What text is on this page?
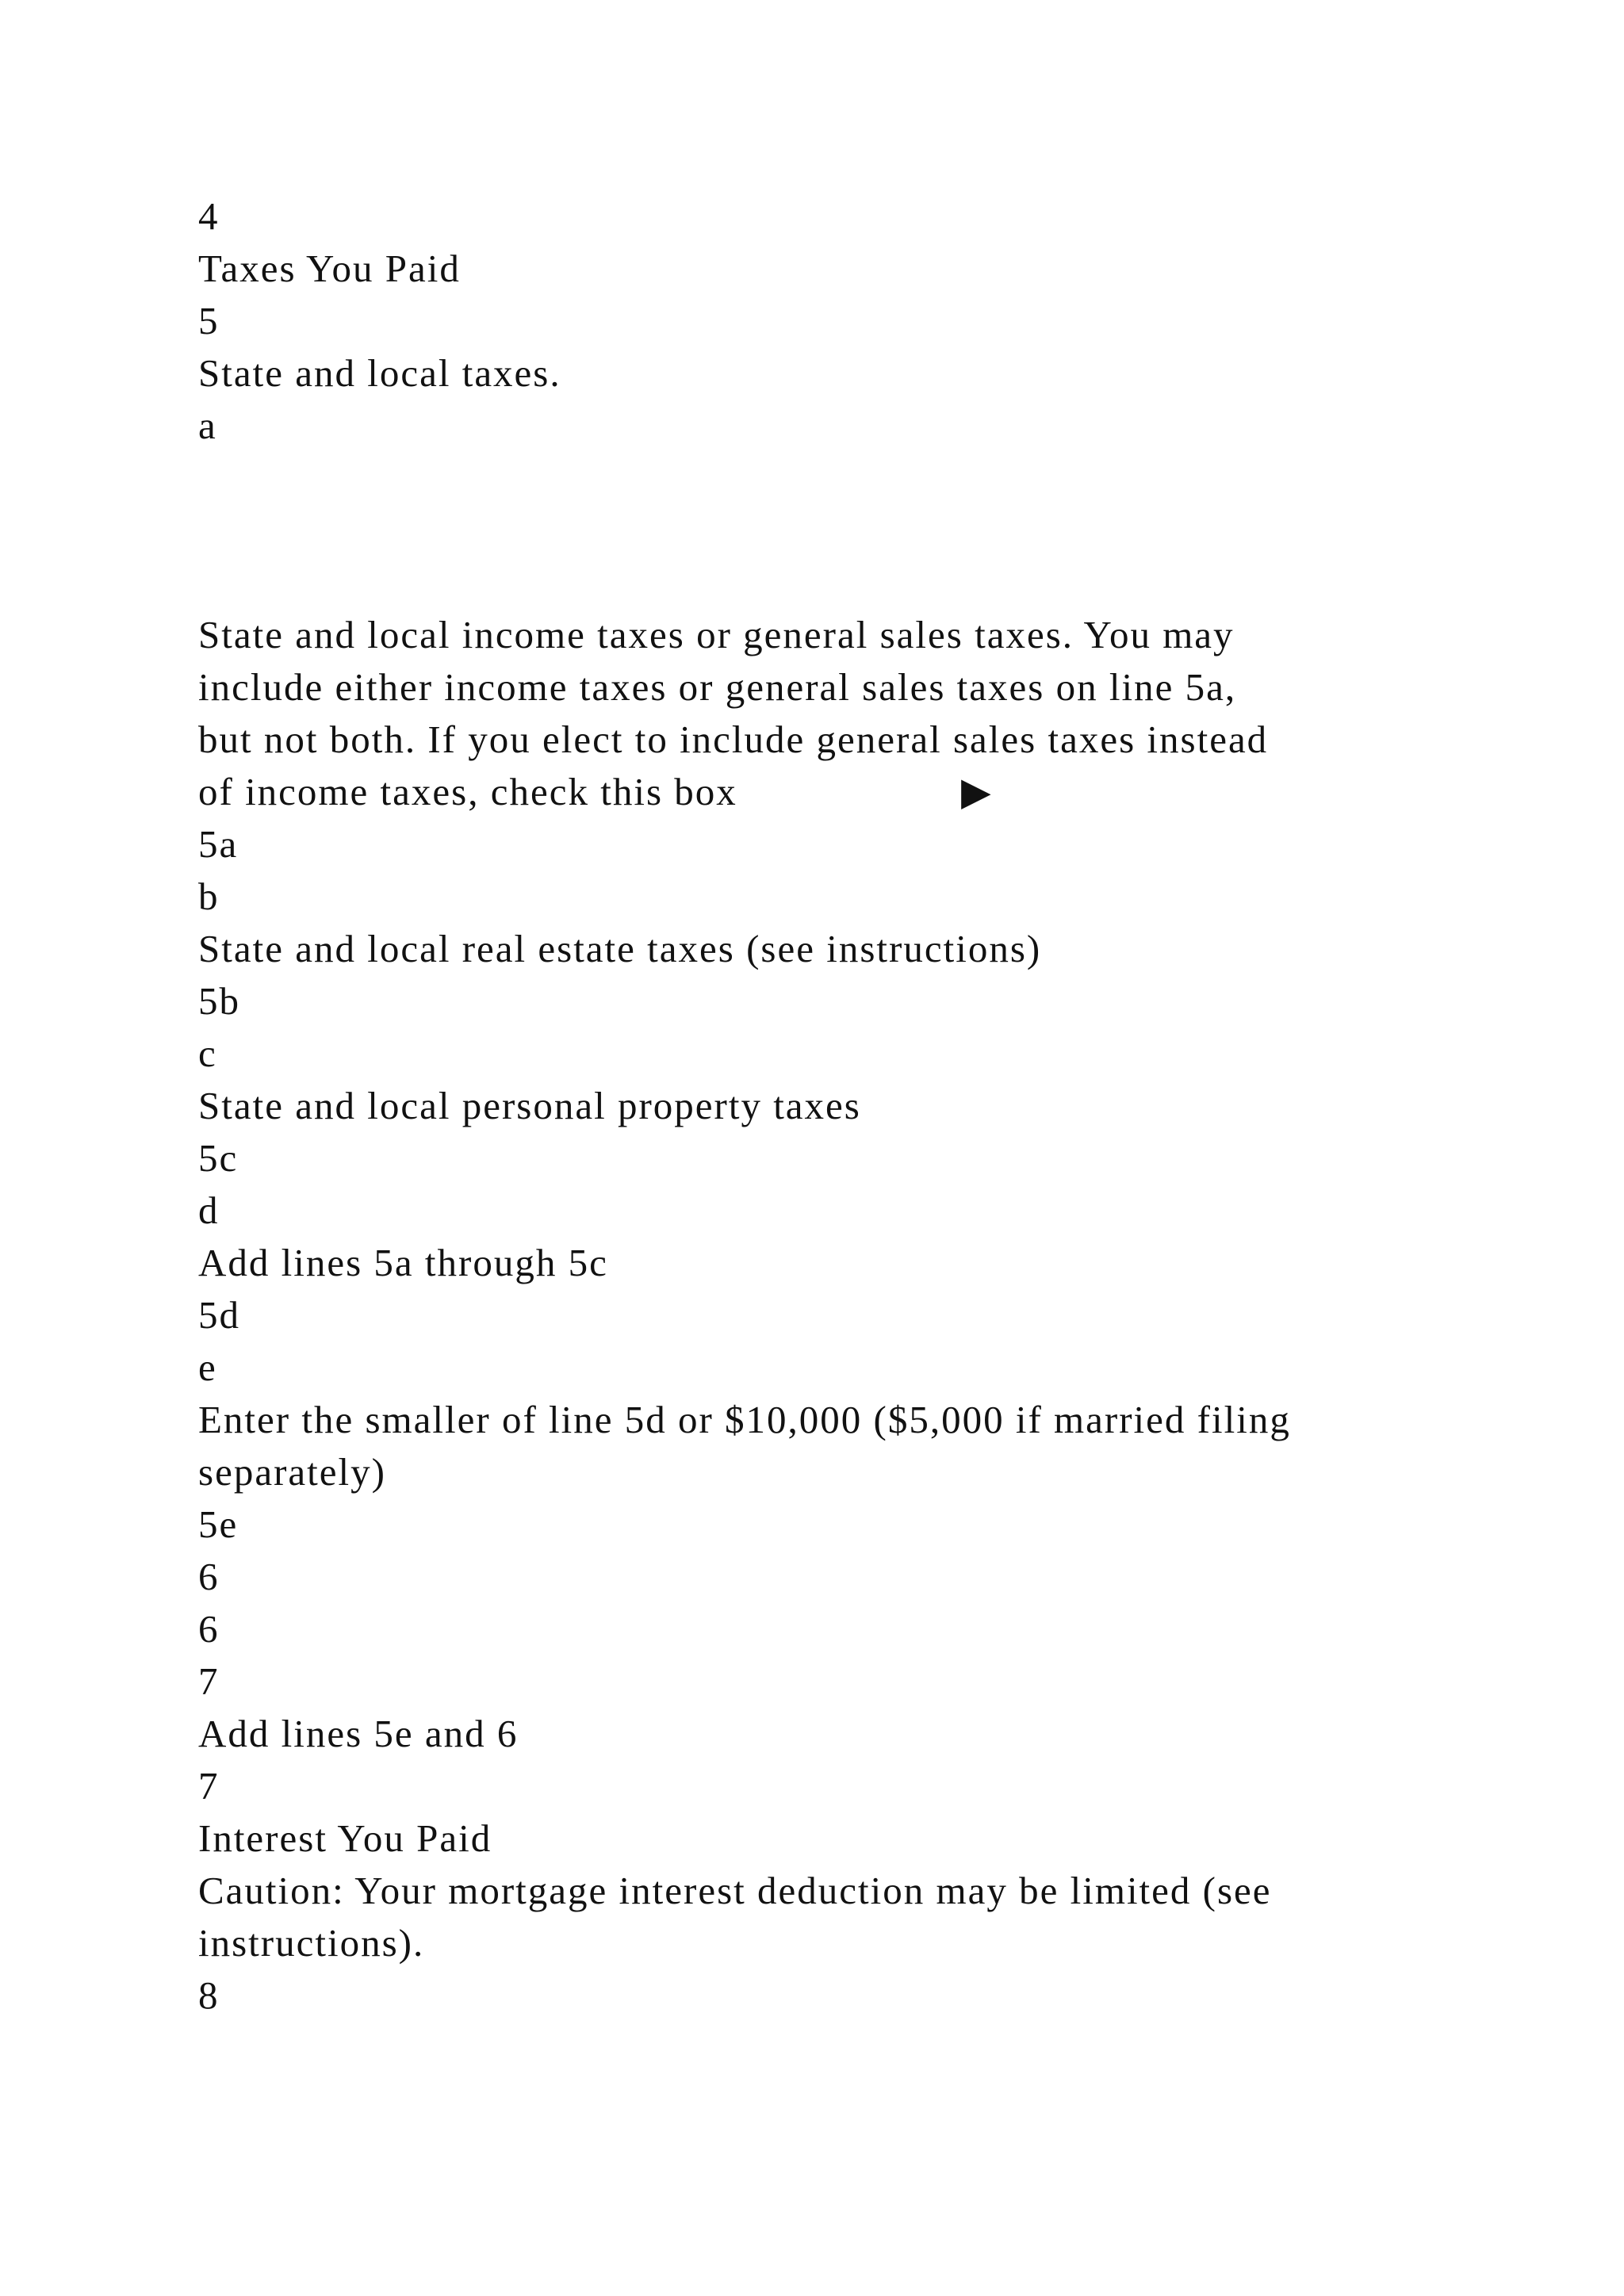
4
Taxes You Paid
5
State and local taxes.
a
State and local income taxes or general sales taxes. You may
include either income taxes or general sales taxes on line 5a,
but not both. If you elect to include general sales taxes instead
of income taxes, check this box	▶
5a
b
State and local real estate taxes (see instructions)
5b
c
State and local personal property taxes
5c
d
Add lines 5a through 5c
5d
e
Enter the smaller of line 5d or $10,000 ($5,000 if married filing
separately)
5e
6
6
7
Add lines 5e and 6
7
Interest You Paid
Caution: Your mortgage interest deduction may be limited (see
instructions).
8
